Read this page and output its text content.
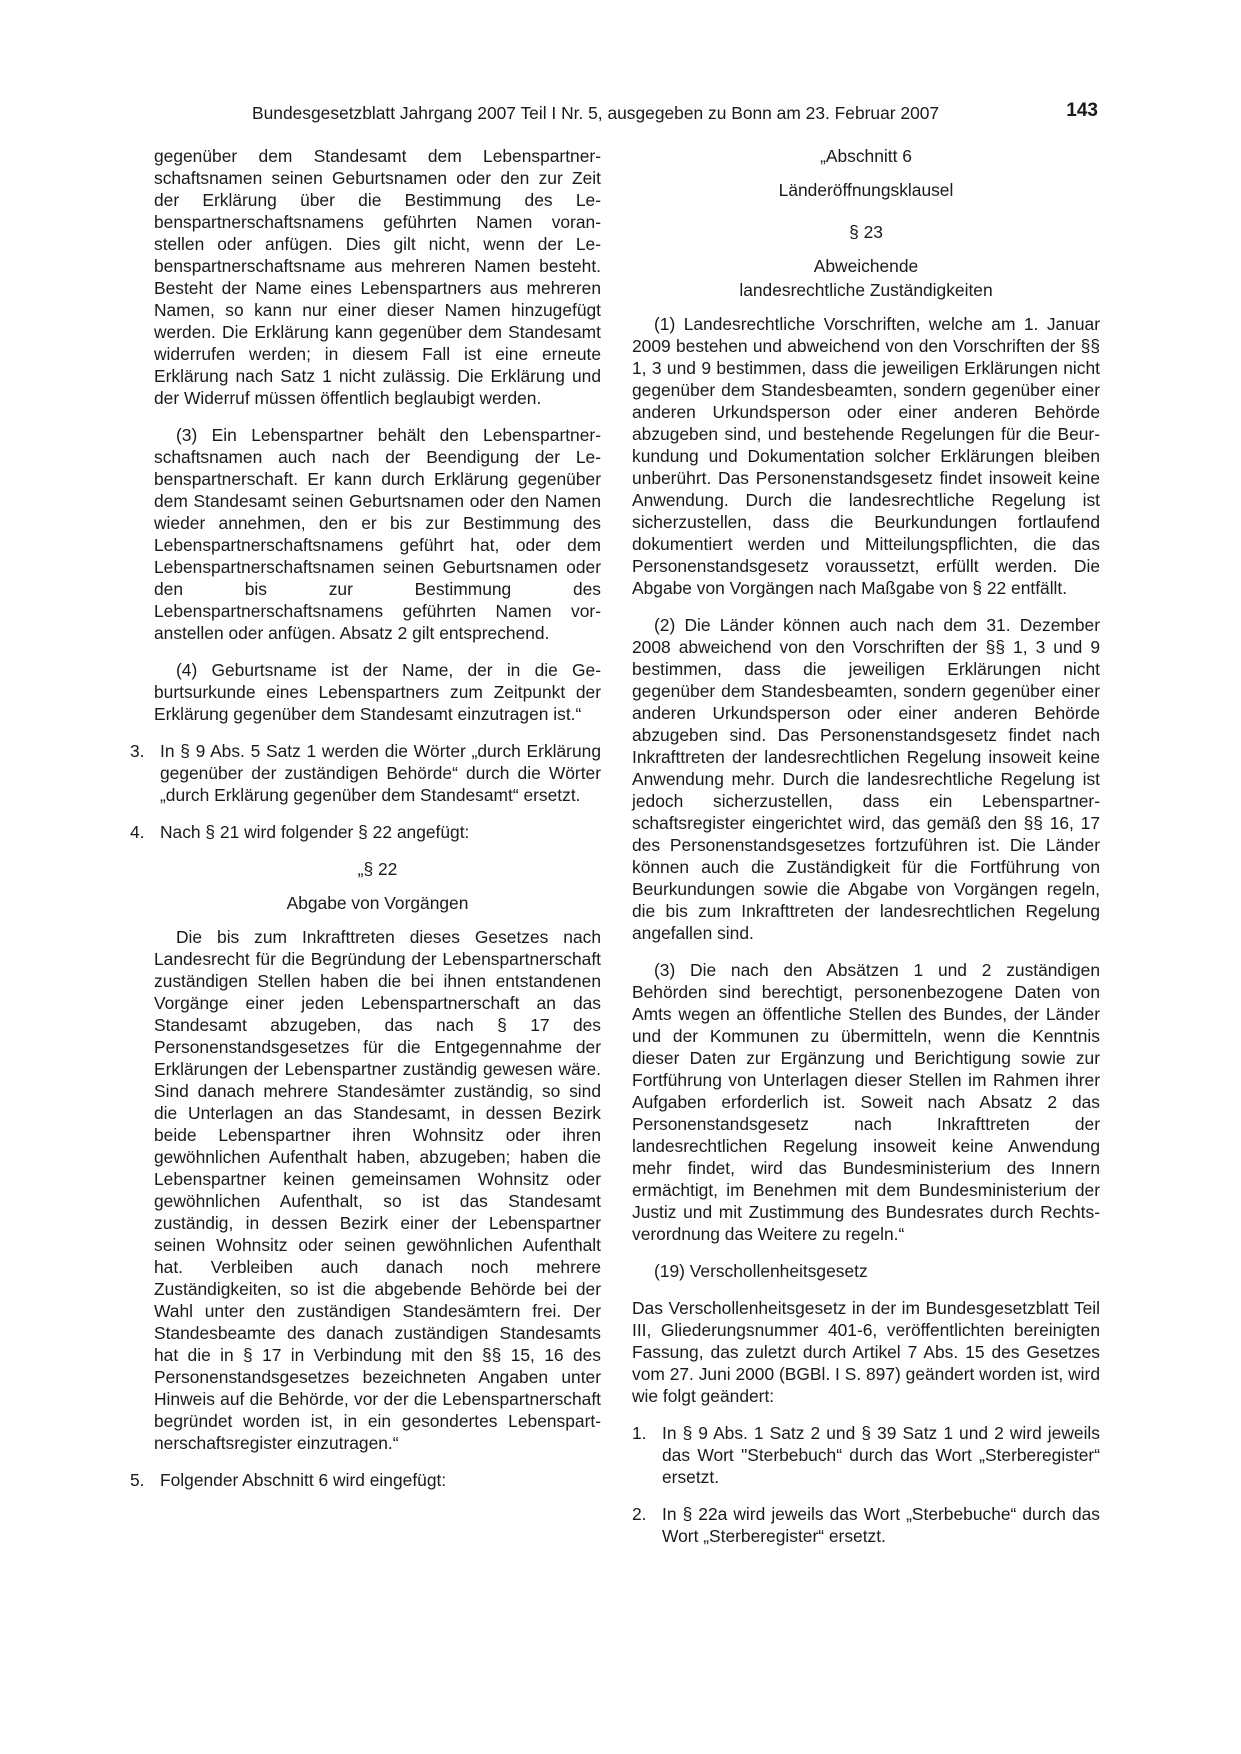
Bundesgesetzblatt Jahrgang 2007 Teil I Nr. 5, ausgegeben zu Bonn am 23. Februar 2007	143

gegenüber dem Standesamt dem Lebenspartnerschaftsnamen seinen Geburtsnamen oder den zur Zeit der Erklärung über die Bestimmung des Lebenspartnerschaftsnamens geführten Namen voranstellen oder anfügen. Dies gilt nicht, wenn der Lebenspartnerschaftsname aus mehreren Namen besteht. Besteht der Name eines Lebenspartners aus mehreren Namen, so kann nur einer dieser Namen hinzugefügt werden. Die Erklärung kann gegenüber dem Standesamt widerrufen werden; in diesem Fall ist eine erneute Erklärung nach Satz 1 nicht zulässig. Die Erklärung und der Widerruf müssen öffentlich beglaubigt werden.

(3) Ein Lebenspartner behält den Lebenspartnerschaftsnamen auch nach der Beendigung der Lebenspartnerschaft. Er kann durch Erklärung gegenüber dem Standesamt seinen Geburtsnamen oder den Namen wieder annehmen, den er bis zur Bestimmung des Lebenspartnerschaftsnamens geführt hat, oder dem Lebenspartnerschaftsnamen seinen Geburtsnamen oder den bis zur Bestimmung des Lebenspartnerschaftsnamens geführten Namen voranstellen oder anfügen. Absatz 2 gilt entsprechend.

(4) Geburtsname ist der Name, der in die Geburtsurkunde eines Lebenspartners zum Zeitpunkt der Erklärung gegenüber dem Standesamt einzutragen ist.“

3. In § 9 Abs. 5 Satz 1 werden die Wörter „durch Erklärung gegenüber der zuständigen Behörde“ durch die Wörter „durch Erklärung gegenüber dem Standesamt“ ersetzt.

4. Nach § 21 wird folgender § 22 angefügt:

„§ 22

Abgabe von Vorgängen

Die bis zum Inkrafttreten dieses Gesetzes nach Landesrecht für die Begründung der Lebenspartnerschaft zuständigen Stellen haben die bei ihnen entstandenen Vorgänge einer jeden Lebenspartnerschaft an das Standesamt abzugeben, das nach § 17 des Personenstandsgesetzes für die Entgegennahme der Erklärungen der Lebenspartner zuständig gewesen wäre. Sind danach mehrere Standesämter zuständig, so sind die Unterlagen an das Standesamt, in dessen Bezirk beide Lebenspartner ihren Wohnsitz oder ihren gewöhnlichen Aufenthalt haben, abzugeben; haben die Lebenspartner keinen gemeinsamen Wohnsitz oder gewöhnlichen Aufenthalt, so ist das Standesamt zuständig, in dessen Bezirk einer der Lebenspartner seinen Wohnsitz oder seinen gewöhnlichen Aufenthalt hat. Verbleiben auch danach noch mehrere Zuständigkeiten, so ist die abgebende Behörde bei der Wahl unter den zuständigen Standesämtern frei. Der Standesbeamte des danach zuständigen Standesamts hat die in § 17 in Verbindung mit den §§ 15, 16 des Personenstandsgesetzes bezeichneten Angaben unter Hinweis auf die Behörde, vor der die Lebenspartnerschaft begründet worden ist, in ein gesondertes Lebenspartnerschaftsregister einzutragen.“

5. Folgender Abschnitt 6 wird eingefügt:

„Abschnitt 6

Länderöffnungsklausel

§ 23

Abweichende

landesrechtliche Zuständigkeiten

(1) Landesrechtliche Vorschriften, welche am 1. Januar 2009 bestehen und abweichend von den Vorschriften der §§ 1, 3 und 9 bestimmen, dass die jeweiligen Erklärungen nicht gegenüber dem Standesbeamten, sondern gegenüber einer anderen Urkundsperson oder einer anderen Behörde abzugeben sind, und bestehende Regelungen für die Beurkundung und Dokumentation solcher Erklärungen bleiben unberührt. Das Personenstandsgesetz findet insoweit keine Anwendung. Durch die landesrechtliche Regelung ist sicherzustellen, dass die Beurkundungen fortlaufend dokumentiert werden und Mitteilungspflichten, die das Personenstandsgesetz voraussetzt, erfüllt werden. Die Abgabe von Vorgängen nach Maßgabe von § 22 entfällt.

(2) Die Länder können auch nach dem 31. Dezember 2008 abweichend von den Vorschriften der §§ 1, 3 und 9 bestimmen, dass die jeweiligen Erklärungen nicht gegenüber dem Standesbeamten, sondern gegenüber einer anderen Urkundsperson oder einer anderen Behörde abzugeben sind. Das Personenstandsgesetz findet nach Inkrafttreten der landesrechtlichen Regelung insoweit keine Anwendung mehr. Durch die landesrechtliche Regelung ist jedoch sicherzustellen, dass ein Lebenspartnerschaftsregister eingerichtet wird, das gemäß den §§ 16, 17 des Personenstandsgesetzes fortzuführen ist. Die Länder können auch die Zuständigkeit für die Fortführung von Beurkundungen sowie die Abgabe von Vorgängen regeln, die bis zum Inkrafttreten der landesrechtlichen Regelung angefallen sind.

(3) Die nach den Absätzen 1 und 2 zuständigen Behörden sind berechtigt, personenbezogene Daten von Amts wegen an öffentliche Stellen des Bundes, der Länder und der Kommunen zu übermitteln, wenn die Kenntnis dieser Daten zur Ergänzung und Berichtigung sowie zur Fortführung von Unterlagen dieser Stellen im Rahmen ihrer Aufgaben erforderlich ist. Soweit nach Absatz 2 das Personenstandsgesetz nach Inkrafttreten der landesrechtlichen Regelung insoweit keine Anwendung mehr findet, wird das Bundesministerium des Innern ermächtigt, im Benehmen mit dem Bundesministerium der Justiz und mit Zustimmung des Bundesrates durch Rechtsverordnung das Weitere zu regeln.“

(19) Verschollenheitsgesetz

Das Verschollenheitsgesetz in der im Bundesgesetzblatt Teil III, Gliederungsnummer 401-6, veröffentlichten bereinigten Fassung, das zuletzt durch Artikel 7 Abs. 15 des Gesetzes vom 27. Juni 2000 (BGBl. I S. 897) geändert worden ist, wird wie folgt geändert:

1. In § 9 Abs. 1 Satz 2 und § 39 Satz 1 und 2 wird jeweils das Wort "Sterbebuch“ durch das Wort „Sterberegister“ ersetzt.

2. In § 22a wird jeweils das Wort „Sterbebuche“ durch das Wort „Sterberegister“ ersetzt.
